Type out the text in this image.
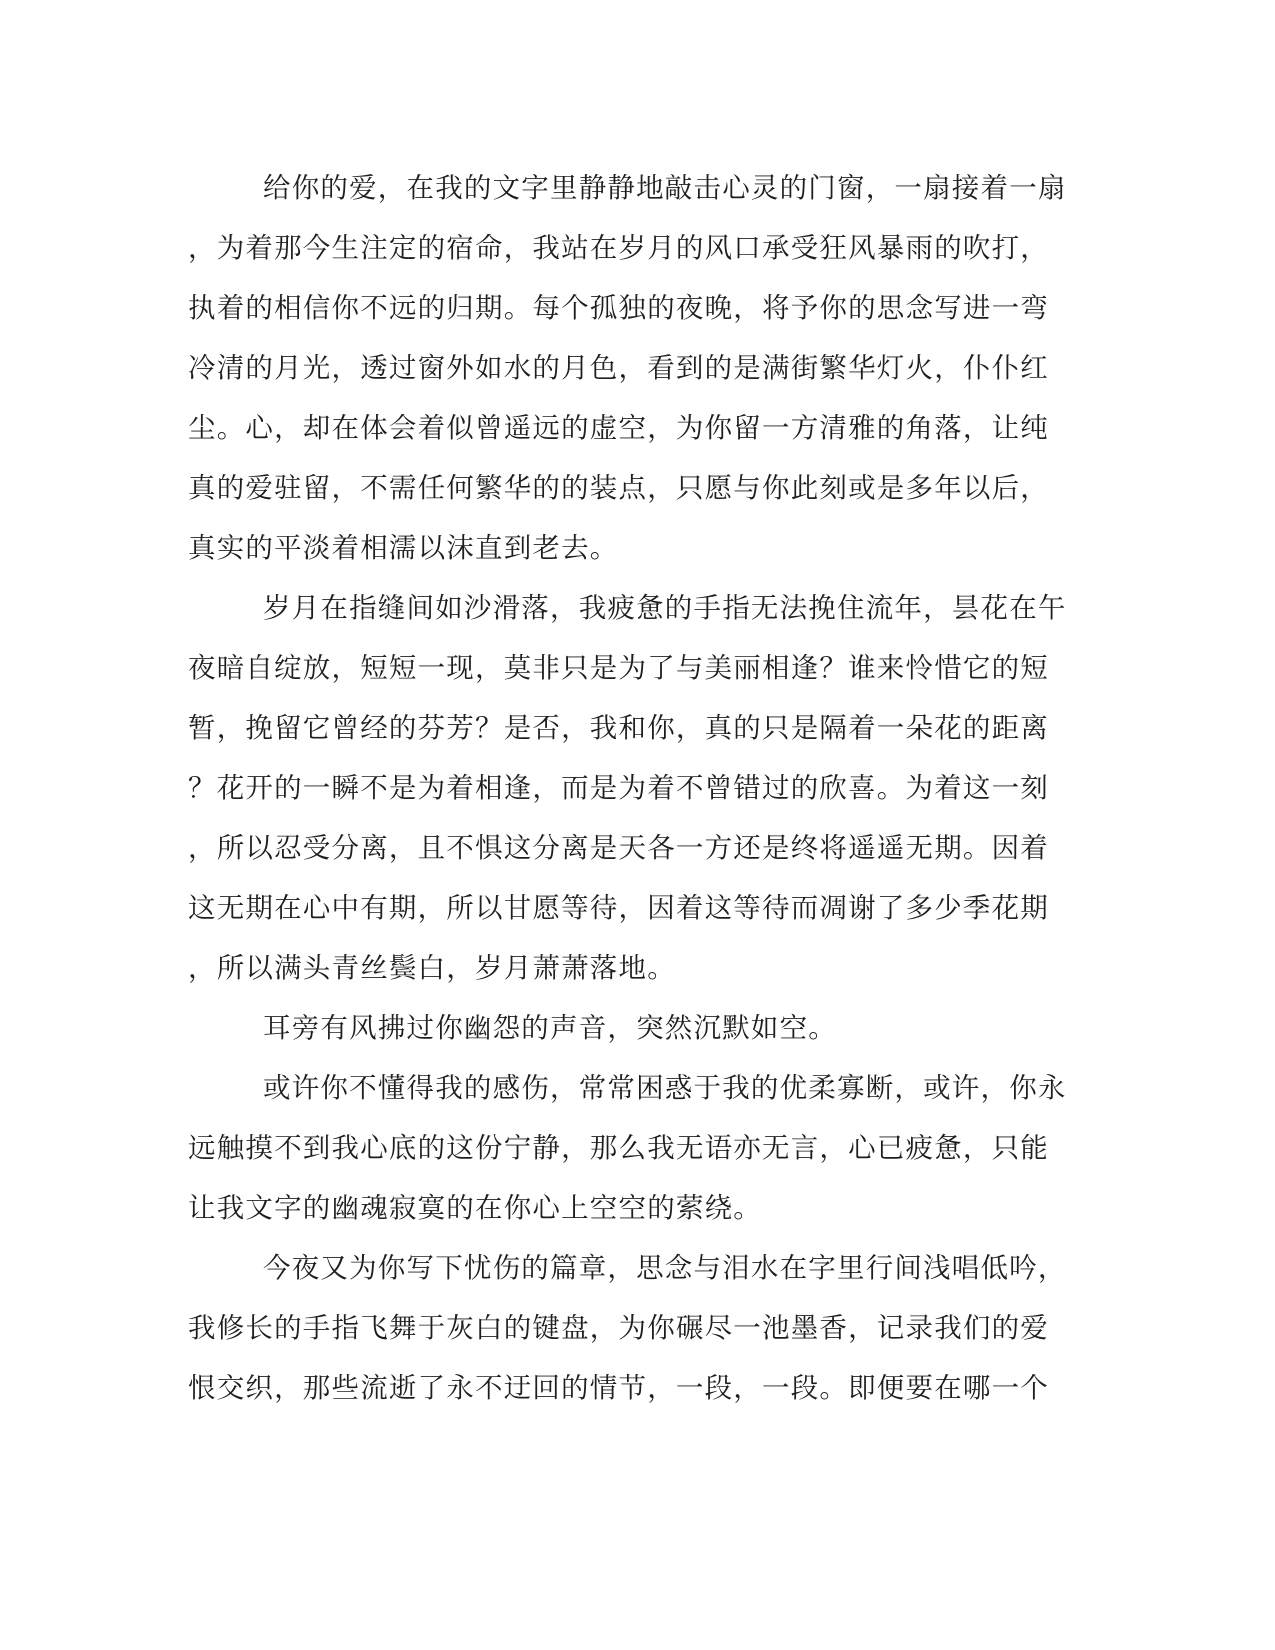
给你的爱，在我的文字里静静地敲击心灵的门窗，一扇接着一扇
，为着那今生注定的宿命，我站在岁月的风口承受狂风暴雨的吹打，
执着的相信你不远的归期。每个孤独的夜晚，将予你的思念写进一弯
冷清的月光，透过窗外如水的月色，看到的是满街繁华灯火，仆仆红
尘。心，却在体会着似曾遥远的虚空，为你留一方清雅的角落，让纯
真的爱驻留，不需任何繁华的的装点，只愿与你此刻或是多年以后，
真实的平淡着相濡以沫直到老去。
岁月在指缝间如沙滑落，我疲惫的手指无法挽住流年，昙花在午
夜暗自绽放，短短一现，莫非只是为了与美丽相逢？谁来怜惜它的短
暂，挽留它曾经的芬芳？是否，我和你，真的只是隔着一朵花的距离
？花开的一瞬不是为着相逢，而是为着不曾错过的欣喜。为着这一刻
，所以忍受分离，且不惧这分离是天各一方还是终将遥遥无期。因着
这无期在心中有期，所以甘愿等待，因着这等待而凋谢了多少季花期
，所以满头青丝鬓白，岁月萧萧落地。
耳旁有风拂过你幽怨的声音，突然沉默如空。
或许你不懂得我的感伤，常常困惑于我的优柔寡断，或许，你永
远触摸不到我心底的这份宁静，那么我无语亦无言，心已疲惫，只能
让我文字的幽魂寂寞的在你心上空空的萦绕。
今夜又为你写下忧伤的篇章，思念与泪水在字里行间浅唱低吟，
我修长的手指飞舞于灰白的键盘，为你碾尽一池墨香，记录我们的爱
恨交织，那些流逝了永不迂回的情节，一段，一段。即便要在哪一个
